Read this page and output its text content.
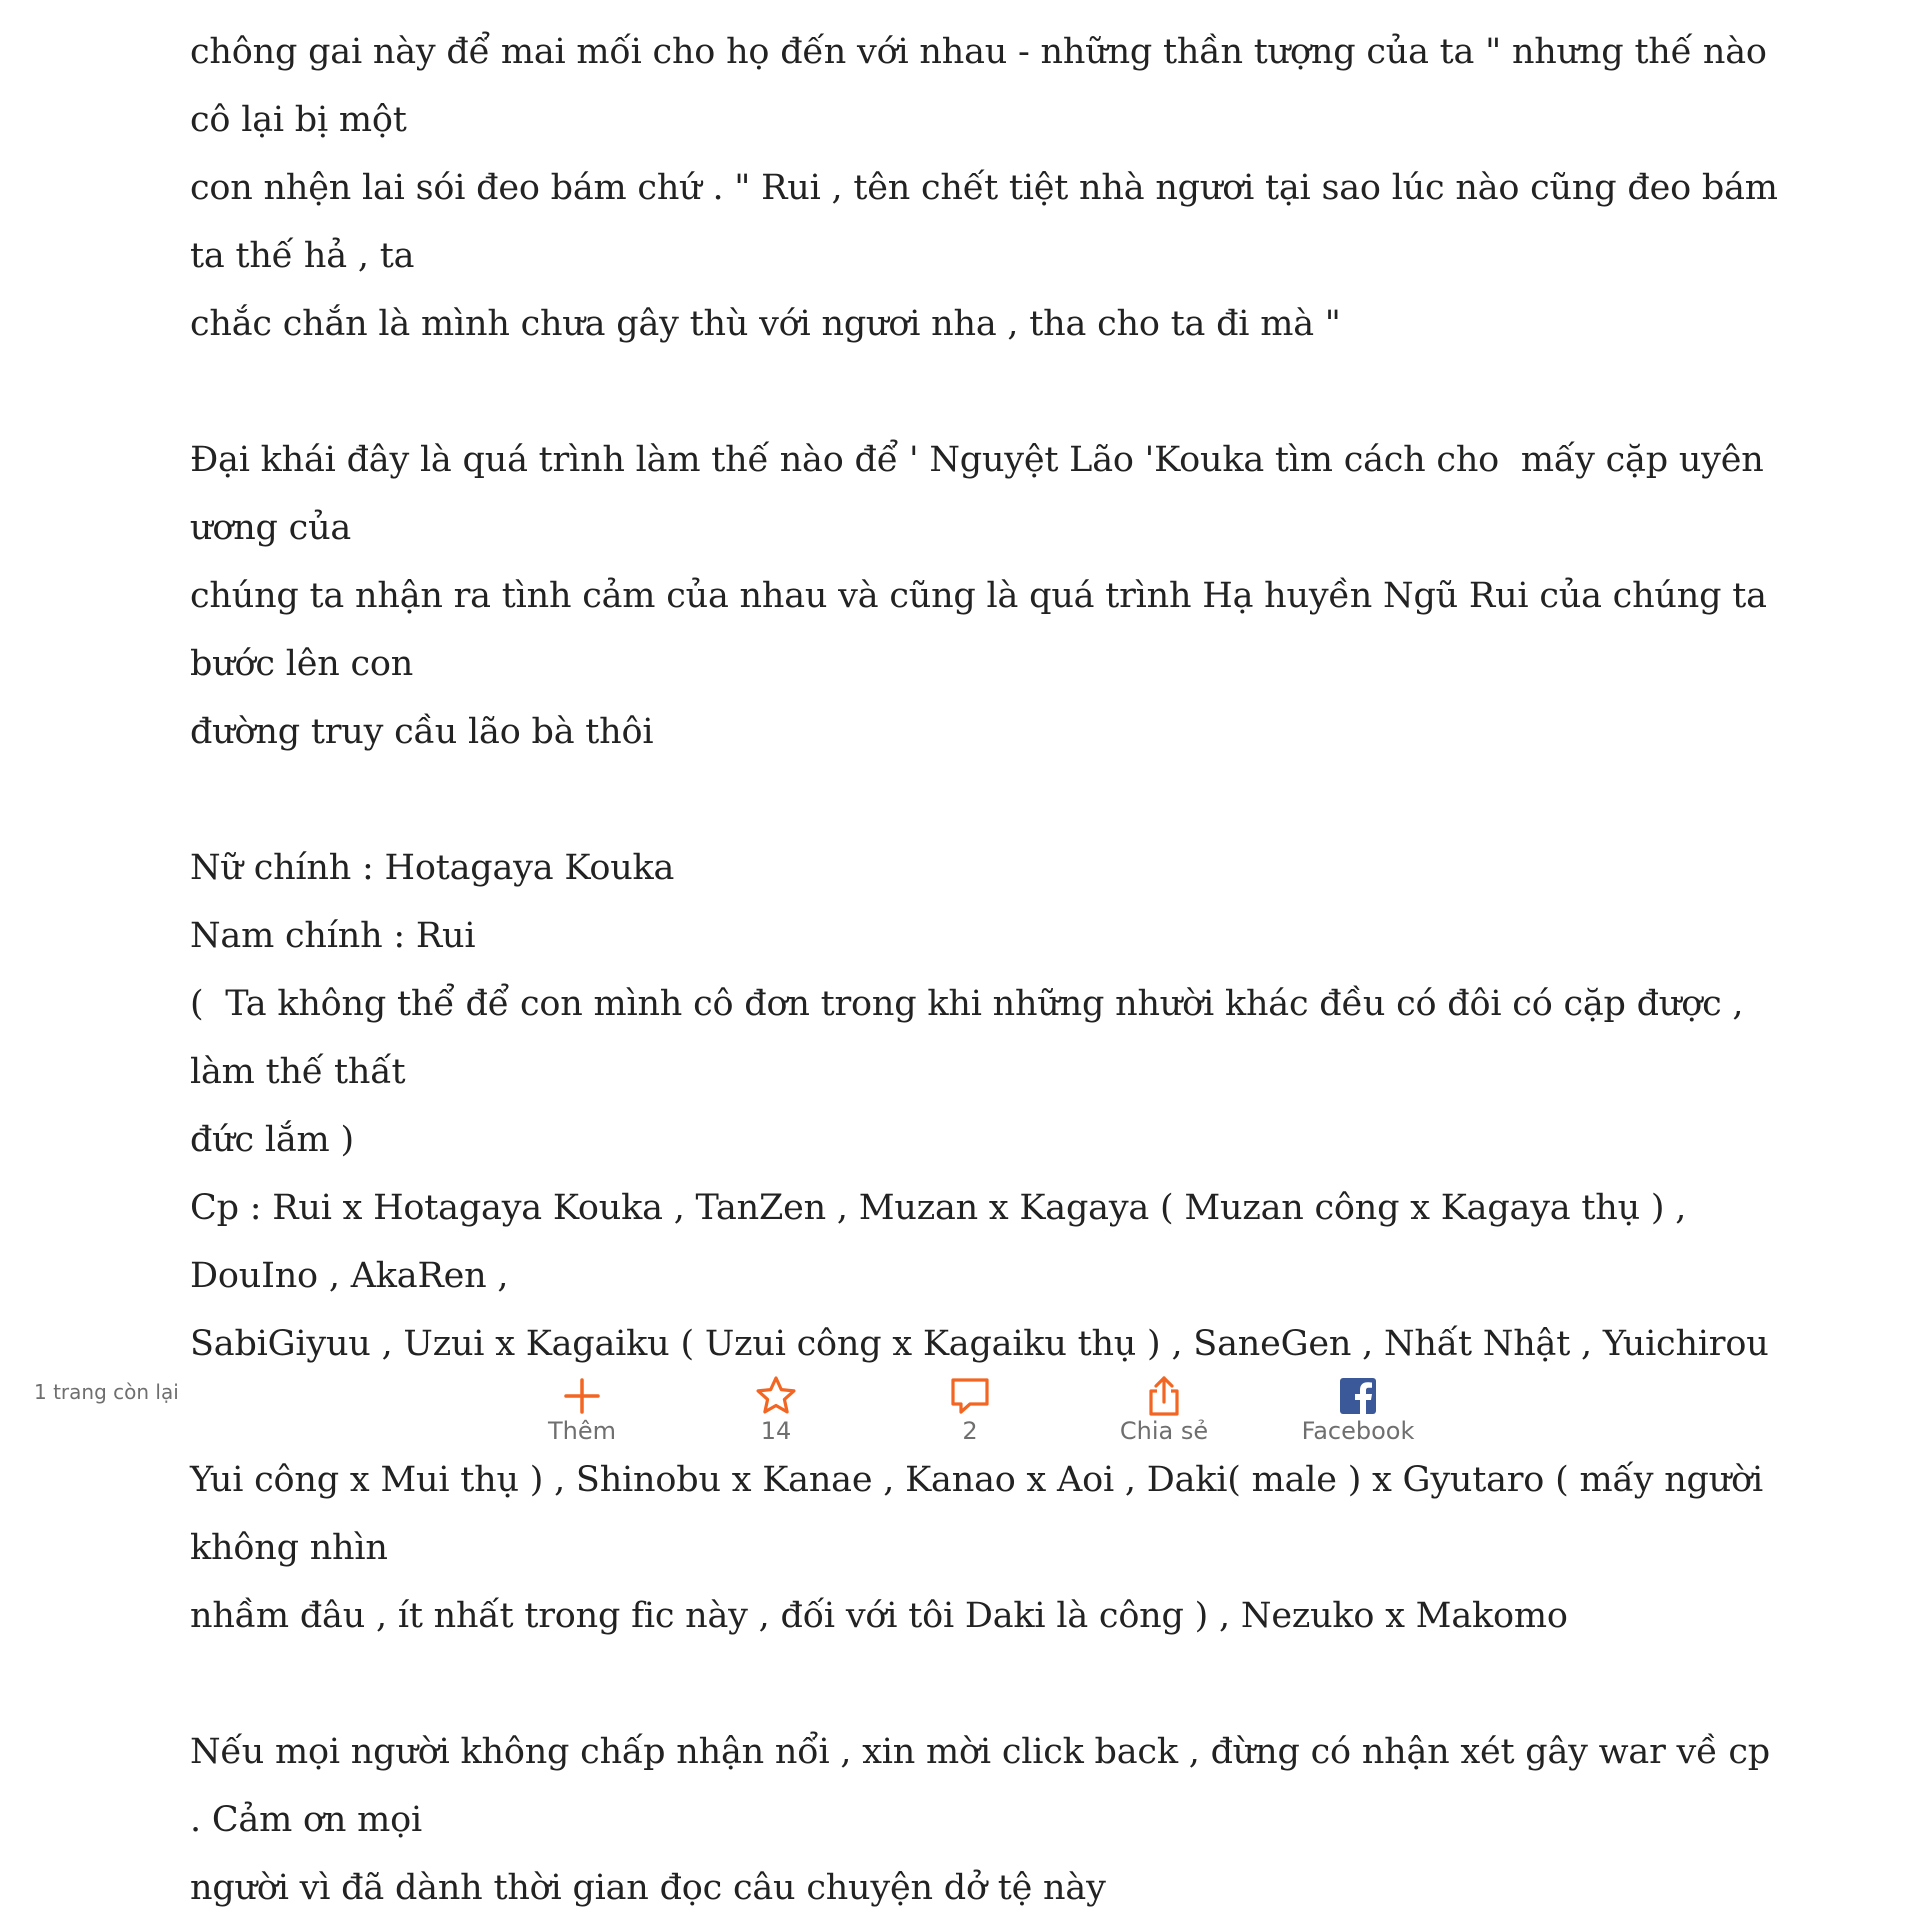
chông gai này để mai mối cho họ đến với nhau - những thần tượng của ta " nhưng thế nào cô lại bị một

con nhện lai sói đeo bám chứ . " Rui , tên chết tiệt nhà ngươi tại sao lúc nào cũng đeo bám ta thế hả , ta

chắc chắn là mình chưa gây thù với ngươi nha , tha cho ta đi mà "

Đại khái đây là quá trình làm thế nào để ' Nguyệt Lão 'Kouka tìm cách cho  mấy cặp uyên ương của

chúng ta nhận ra tình cảm của nhau và cũng là quá trình Hạ huyền Ngũ Rui của chúng ta bước lên con

đường truy cầu lão bà thôi

Nữ chính : Hotagaya Kouka

Nam chính : Rui

(  Ta không thể để con mình cô đơn trong khi những nhười khác đều có đôi có cặp được , làm thế thất

đức lắm )

Cp : Rui x Hotagaya Kouka , TanZen , Muzan x Kagaya ( Muzan công x Kagaya thụ ) , DouIno , AkaRen ,

SabiGiyuu , Uzui x Kagaiku ( Uzui công x Kagaiku thụ ) , SaneGen , Nhất Nhật , Yuichirou

Yui công x Mui thụ ) , Shinobu x Kanae , Kanao x Aoi , Daki( male ) x Gyutaro ( mấy người không nhìn

nhầm đâu , ít nhất trong fic này , đối với tôi Daki là công ) , Nezuko x Makomo

Nếu mọi người không chấp nhận nổi , xin mời click back , đừng có nhận xét gây war về cp . Cảm ơn mọi

người vì đã dành thời gian đọc câu chuyện dở tệ này

1 trang còn lại
Thêm	14	2	Chia sẻ	Facebook
